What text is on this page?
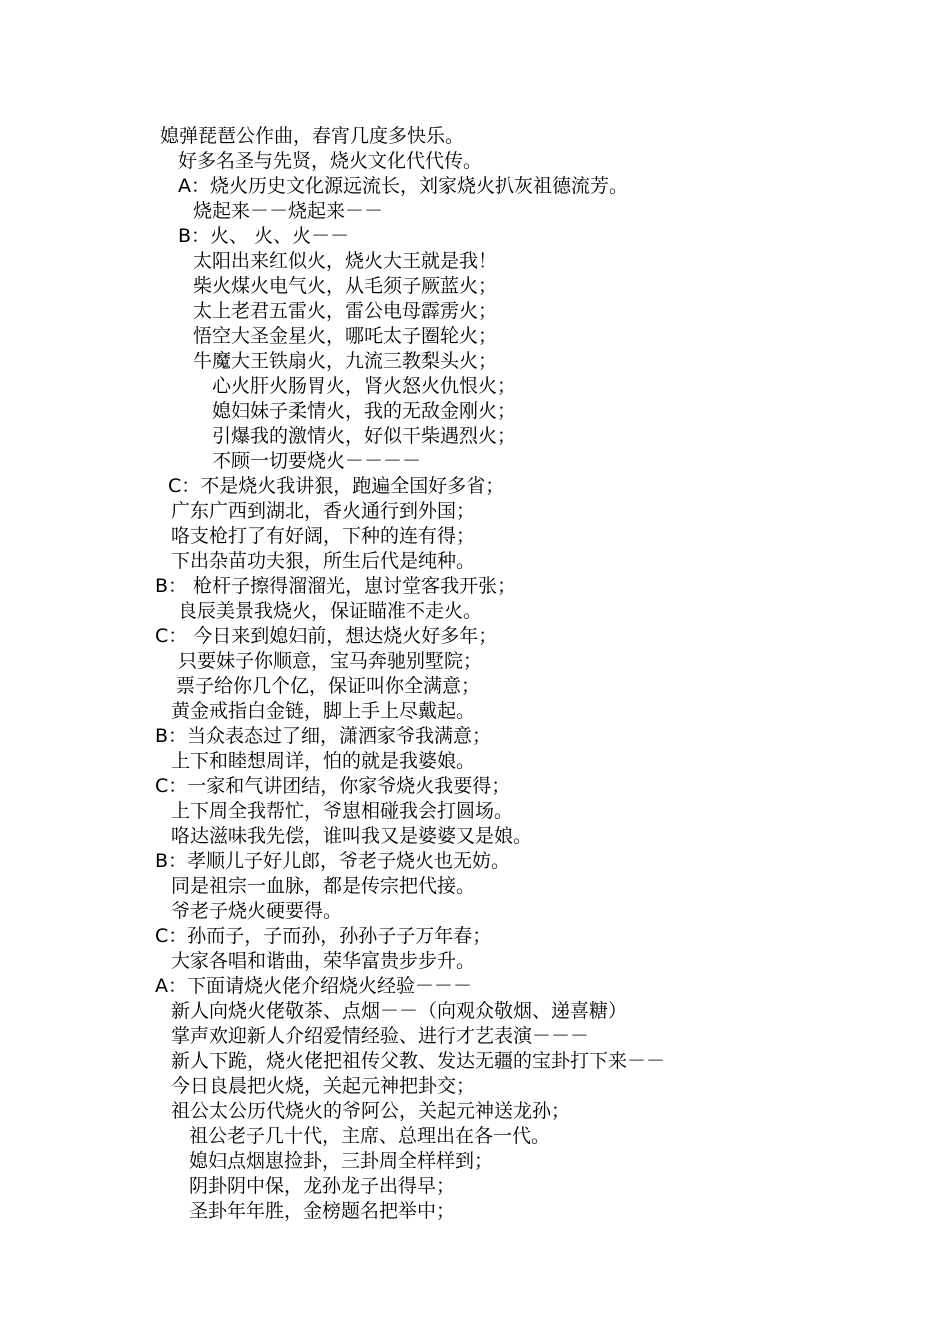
媳弹琵琶公作曲，春宵几度多快乐。
好多名圣与先贤，烧火文化代代传。
A：烧火历史文化源远流长，刘家烧火扒灰祖德流芳。
烧起来－－烧起来－－
B：火、 火、火－－
太阳出来红似火，烧火大王就是我！
柴火煤火电气火，从毛须子厥蓝火；
太上老君五雷火，雷公电母霹雳火；
悟空大圣金星火，哪吒太子圈轮火；
牛魔大王铁扇火，九流三教梨头火；
心火肝火肠胃火，肾火怒火仇恨火；
媳妇妹子柔情火，我的无敌金刚火；
引爆我的激情火，好似干柴遇烈火；
不顾一切要烧火－－－－
C：不是烧火我讲狠，跑遍全国好多省；
广东广西到湖北，香火通行到外国；
咯支枪打了有好阔，下种的连有得；
下出杂苗功夫狠，所生后代是纯种。
B： 枪杆子擦得溜溜光，崽讨堂客我开张；
良辰美景我烧火，保证瞄准不走火。
C： 今日来到媳妇前，想达烧火好多年；
只要妹子你顺意，宝马奔驰别墅院；
票子给你几个亿，保证叫你全满意；
黄金戒指白金链，脚上手上尽戴起。
B：当众表态过了细，潇洒家爷我满意；
上下和睦想周详，怕的就是我婆娘。
C：一家和气讲团结，你家爷烧火我要得；
上下周全我帮忙，爷崽相碰我会打圆场。
咯达滋味我先偿，谁叫我又是婆婆又是娘。
B：孝顺儿子好儿郎，爷老子烧火也无妨。
同是祖宗一血脉，都是传宗把代接。
爷老子烧火硬要得。
C：孙而子，子而孙，孙孙子子万年春；
大家各唱和谐曲，荣华富贵步步升。
A：下面请烧火佬介绍烧火经验－－－
新人向烧火佬敬茶、点烟－－（向观众敬烟、递喜糖）
掌声欢迎新人介绍爱情经验、进行才艺表演－－－
新人下跪，烧火佬把祖传父教、发达无疆的宝卦打下来－－
今日良晨把火烧，关起元神把卦交；
祖公太公历代烧火的爷阿公，关起元神送龙孙；
祖公老子几十代，主席、总理出在各一代。
媳妇点烟崽捡卦，三卦周全样样到；
阴卦阴中保，龙孙龙子出得早；
圣卦年年胜，金榜题名把举中；
